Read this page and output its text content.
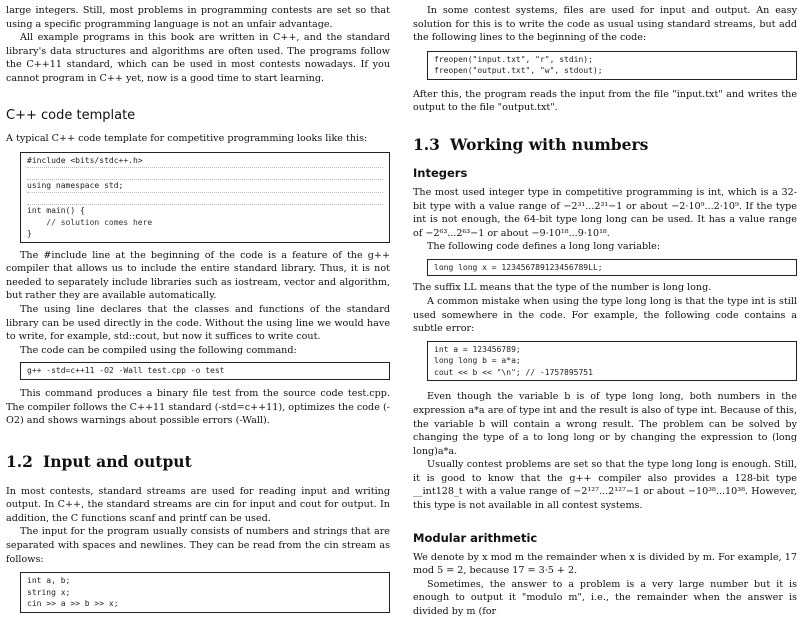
large integers. Still, most problems in programming contests are set so that using a specific programming language is not an unfair advantage.

All example programs in this book are written in C++, and the standard library's data structures and algorithms are often used. The programs follow the C++11 standard, which can be used in most contests nowadays. If you cannot program in C++ yet, now is a good time to start learning.

C++ code template

A typical C++ code template for competitive programming looks like this:

#include <bits/stdc++.h>

using namespace std;

int main() {
// solution comes here
}

The #include line at the beginning of the code is a feature of the g++ compiler that allows us to include the entire standard library. Thus, it is not needed to separately include libraries such as iostream, vector and algorithm, but rather they are available automatically.

The using line declares that the classes and functions of the standard library can be used directly in the code. Without the using line we would have to write, for example, std::cout, but now it suffices to write cout.

The code can be compiled using the following command:

g++ -std=c++11 -O2 -Wall test.cpp -o test

This command produces a binary file test from the source code test.cpp. The compiler follows the C++11 standard (-std=c++11), optimizes the code (-O2) and shows warnings about possible errors (-Wall).

1.2 Input and output

In most contests, standard streams are used for reading input and writing output. In C++, the standard streams are cin for input and cout for output. In addition, the C functions scanf and printf can be used.

The input for the program usually consists of numbers and strings that are separated with spaces and newlines. They can be read from the cin stream as follows:

int a, b;
string x;
cin >> a >> b >> x;

In some contest systems, files are used for input and output. An easy solution for this is to write the code as usual using standard streams, but add the following lines to the beginning of the code:

freopen("input.txt", "r", stdin);
freopen("output.txt", "w", stdout);

After this, the program reads the input from the file "input.txt" and writes the output to the file "output.txt".

1.3 Working with numbers
Integers

The most used integer type in competitive programming is int, which is a 32-bit type with a value range of −2³¹...2³¹−1 or about −2·10⁹...2·10⁹. If the type int is not enough, the 64-bit type long long can be used. It has a value range of −2⁶³...2⁶³−1 or about −9·10¹⁸...9·10¹⁸.

The following code defines a long long variable:

long long x = 123456789123456789LL;

The suffix LL means that the type of the number is long long.

A common mistake when using the type long long is that the type int is still used somewhere in the code. For example, the following code contains a subtle error:

int a = 123456789;
long long b = a*a;
cout << b << "\n"; // -1757895751

Even though the variable b is of type long long, both numbers in the expression a*a are of type int and the result is also of type int. Because of this, the variable b will contain a wrong result. The problem can be solved by changing the type of a to long long or by changing the expression to (long long)a*a.

Usually contest problems are set so that the type long long is enough. Still, it is good to know that the g++ compiler also provides a 128-bit type __int128_t with a value range of −2¹²⁷...2¹²⁷−1 or about −10³⁸...10³⁸. However, this type is not available in all contest systems.

Modular arithmetic

We denote by x mod m the remainder when x is divided by m. For example, 17 mod 5 = 2, because 17 = 3·5 + 2.

Sometimes, the answer to a problem is a very large number but it is enough to output it "modulo m", i.e., the remainder when the answer is divided by m (for
